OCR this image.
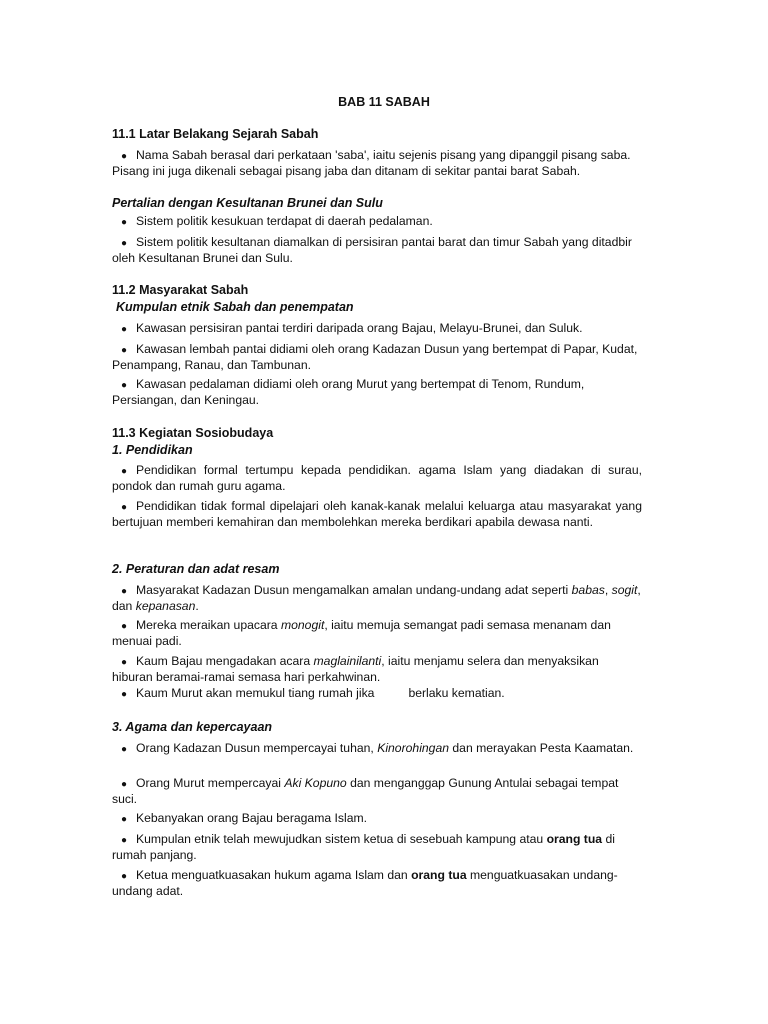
BAB 11 SABAH
11.1 Latar Belakang Sejarah Sabah
● Nama Sabah berasal dari perkataan 'saba', iaitu sejenis pisang yang dipanggil pisang saba. Pisang ini juga dikenali sebagai pisang jaba dan ditanam di sekitar pantai barat Sabah.
Pertalian dengan Kesultanan Brunei dan Sulu
● Sistem politik kesukuan terdapat di daerah pedalaman.
● Sistem politik kesultanan diamalkan di persisiran pantai barat dan timur Sabah yang ditadbir oleh Kesultanan Brunei dan Sulu.
11.2 Masyarakat Sabah
Kumpulan etnik Sabah dan penempatan
● Kawasan persisiran pantai terdiri daripada orang Bajau, Melayu-Brunei, dan Suluk.
● Kawasan lembah pantai didiami oleh orang Kadazan Dusun yang bertempat di Papar, Kudat, Penampang, Ranau, dan Tambunan.
● Kawasan pedalaman didiami oleh orang Murut yang bertempat di Tenom, Rundum, Persiangan, dan Keningau.
11.3 Kegiatan Sosiobudaya
1. Pendidikan
● Pendidikan formal tertumpu kepada pendidikan. agama Islam yang diadakan di surau, pondok dan rumah guru agama.
● Pendidikan tidak formal dipelajari oleh kanak-kanak melalui keluarga atau masyarakat yang bertujuan memberi kemahiran dan membolehkan mereka berdikari apabila dewasa nanti.
2. Peraturan dan adat resam
● Masyarakat Kadazan Dusun mengamalkan amalan undang-undang adat seperti babas, sogit, dan kepanasan.
● Mereka meraikan upacara monogit, iaitu memuja semangat padi semasa menanam dan menuai padi.
● Kaum Bajau mengadakan acara maglainilanti, iaitu menjamu selera dan menyaksikan hiburan beramai-ramai semasa hari perkahwinan.
● Kaum Murut akan memukul tiang rumah jika	berlaku kematian.
3. Agama dan kepercayaan
● Orang Kadazan Dusun mempercayai tuhan, Kinorohingan dan merayakan Pesta Kaamatan.
● Orang Murut mempercayai Aki Kopuno dan menganggap Gunung Antulai sebagai tempat suci.
● Kebanyakan orang Bajau beragama Islam.
● Kumpulan etnik telah mewujudkan sistem ketua di sesebuah kampung atau orang tua di rumah panjang.
● Ketua menguatkuasakan hukum agama Islam dan orang tua menguatkuasakan undang-undang adat.
